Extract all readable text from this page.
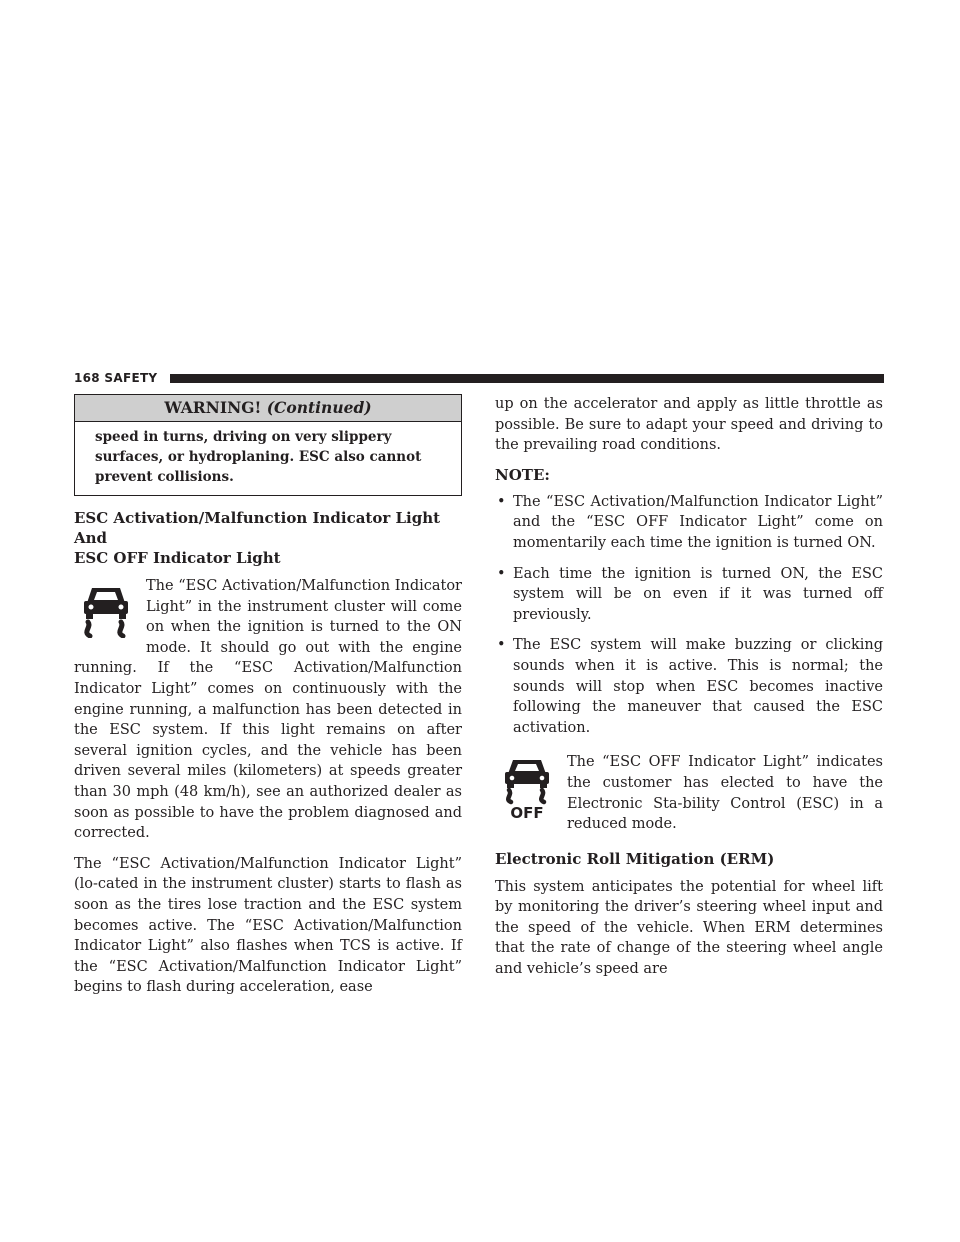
168 SAFETY
WARNING! (Continued)
speed in turns, driving on very slippery surfaces, or hydroplaning. ESC also cannot prevent collisions.
ESC Activation/Malfunction Indicator Light And
ESC OFF Indicator Light

The “ESC Activation/Malfunction Indicator Light” in the instrument cluster will come on when the ignition is turned to the ON mode. It should go out with the engine running. If the “ESC Activation/Malfunction Indicator Light” comes on continuously with the engine running, a malfunction has been detected in the ESC system. If this light remains on after several ignition cycles, and the vehicle has been driven several miles (kilometers) at speeds greater than 30 mph (48 km/h), see an authorized dealer as soon as possible to have the problem diagnosed and corrected.

The “ESC Activation/Malfunction Indicator Light” (lo-cated in the instrument cluster) starts to flash as soon as the tires lose traction and the ESC system becomes active. The “ESC Activation/Malfunction Indicator Light” also flashes when TCS is active. If the “ESC Activation/Malfunction Indicator Light” begins to flash during acceleration, ease

up on the accelerator and apply as little throttle as possible. Be sure to adapt your speed and driving to the prevailing road conditions.

NOTE:
• The “ESC Activation/Malfunction Indicator Light” and the “ESC OFF Indicator Light” come on momentarily each time the ignition is turned ON.
• Each time the ignition is turned ON, the ESC system will be on even if it was turned off previously.
• The ESC system will make buzzing or clicking sounds when it is active. This is normal; the sounds will stop when ESC becomes inactive following the maneuver that caused the ESC activation.
OFF

The “ESC OFF Indicator Light” indicates the customer has elected to have the Electronic Sta-bility Control (ESC) in a reduced mode.

Electronic Roll Mitigation (ERM)

This system anticipates the potential for wheel lift by monitoring the driver’s steering wheel input and the speed of the vehicle. When ERM determines that the rate of change of the steering wheel angle and vehicle’s speed are
